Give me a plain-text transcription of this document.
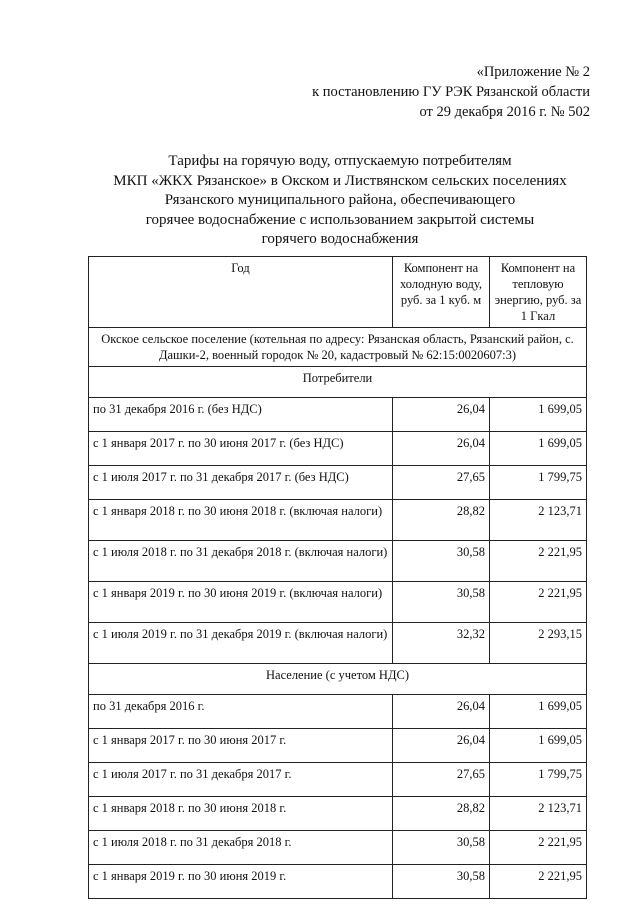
«Приложение № 2
к постановлению ГУ РЭК Рязанской области
от 29 декабря 2016 г. № 502
Тарифы на горячую воду, отпускаемую потребителям
МКП «ЖКХ Рязанское» в Окском и Листвянском сельских поселениях
Рязанского муниципального района, обеспечивающего
горячее водоснабжение с использованием закрытой системы
горячего водоснабжения
Год	Компонент на холодную воду, руб. за 1 куб. м	Компонент на тепловую энергию, руб. за 1 Гкал
Окское сельское поселение (котельная по адресу: Рязанская область, Рязанский район, с. Дашки-2, военный городок № 20, кадастровый № 62:15:0020607:3)		
Потребители		
по 31 декабря 2016 г. (без НДС)	26,04	1 699,05
с 1 января 2017 г. по 30 июня 2017 г. (без НДС)	26,04	1 699,05
с 1 июля 2017 г. по 31 декабря 2017 г. (без НДС)	27,65	1 799,75
с 1 января 2018 г. по 30 июня 2018 г. (включая налоги)	28,82	2 123,71
с 1 июля 2018 г. по 31 декабря 2018 г. (включая налоги)	30,58	2 221,95
с 1 января 2019 г. по 30 июня 2019 г. (включая налоги)	30,58	2 221,95
с 1 июля 2019 г. по 31 декабря 2019 г. (включая налоги)	32,32	2 293,15
Население (с учетом НДС)		
по 31 декабря 2016 г.	26,04	1 699,05
с 1 января 2017 г. по 30 июня 2017 г.	26,04	1 699,05
с 1 июля 2017 г. по 31 декабря 2017 г.	27,65	1 799,75
с 1 января 2018 г. по 30 июня 2018 г.	28,82	2 123,71
с 1 июля 2018 г. по 31 декабря 2018 г.	30,58	2 221,95
с 1 января 2019 г. по 30 июня 2019 г.	30,58	2 221,95
